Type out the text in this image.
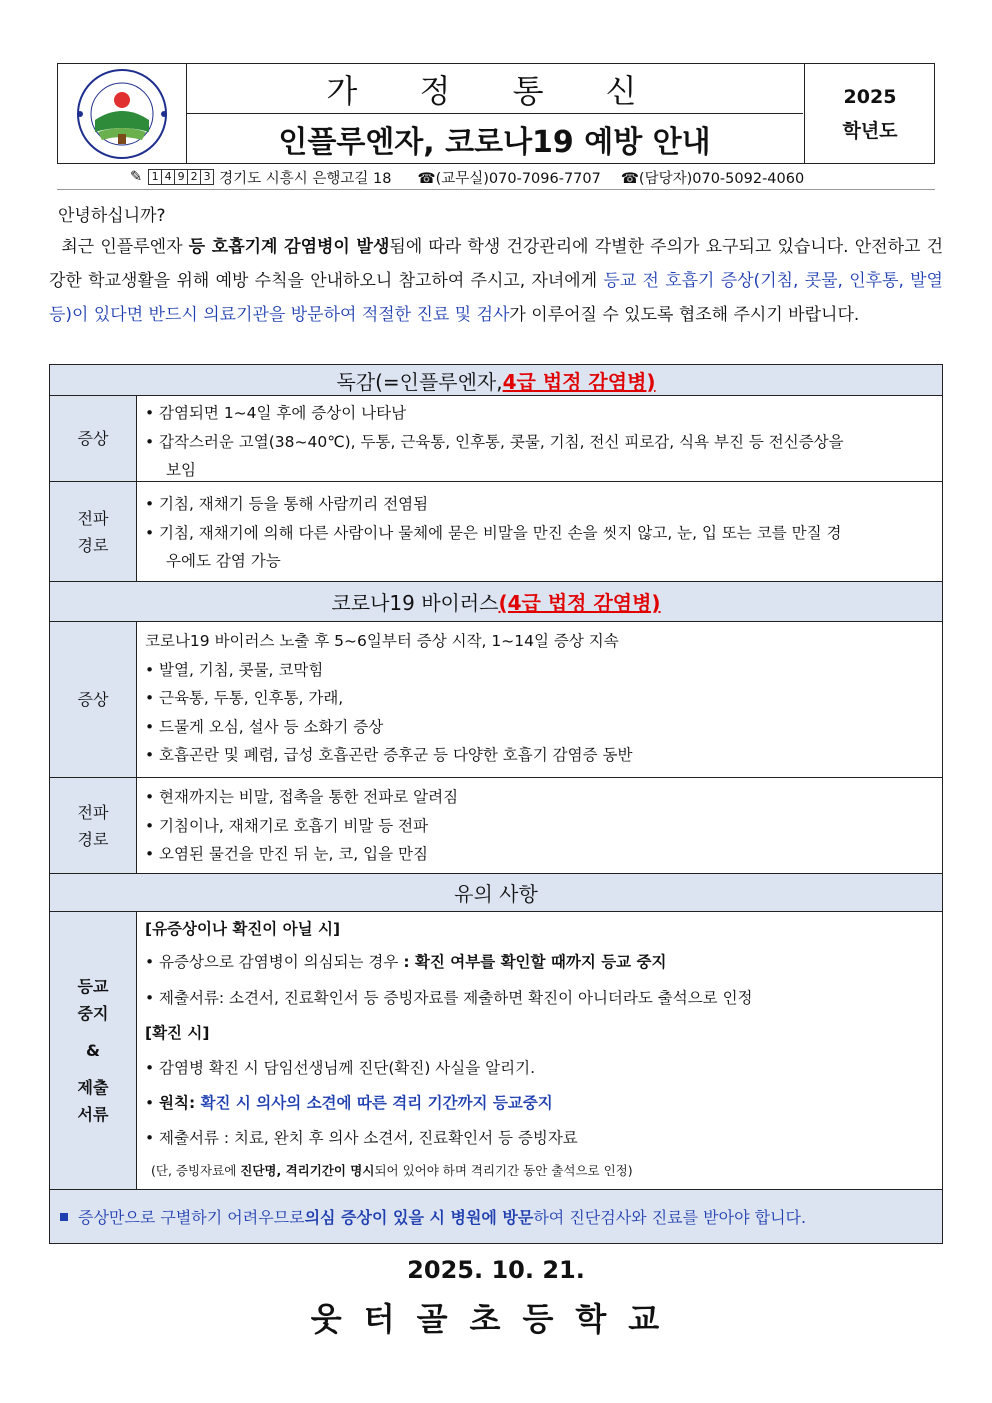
가 정 통 신
인플루엔자, 코로나19 예방 안내
2025
학년도
✎ 1 4 9 2 3 경기도 시흥시 은행고길 18 ☎(교무실)070-7096-7707 ☎(담당자)070-5092-4060
안녕하십니까?
최근 인플루엔자 등 호흡기계 감염병이 발생됨에 따라 학생 건강관리에 각별한 주의가 요구되고 있습니다. 안전하고 건강한 학교생활을 위해 예방 수칙을 안내하오니 참고하여 주시고, 자녀에게 등교 전 호흡기 증상(기침, 콧물, 인후통, 발열 등)이 있다면 반드시 의료기관을 방문하여 적절한 진료 및 검사가 이루어질 수 있도록 협조해 주시기 바랍니다.
독감(=인플루엔자, 4급 법정 감염병)
증상
• 감염되면 1~4일 후에 증상이 나타남
• 갑작스러운 고열(38~40℃), 두통, 근육통, 인후통, 콧물, 기침, 전신 피로감, 식욕 부진 등 전신증상을
보임
전파
경로
• 기침, 재채기 등을 통해 사람끼리 전염됨
• 기침, 재채기에 의해 다른 사람이나 물체에 묻은 비말을 만진 손을 씻지 않고, 눈, 입 또는 코를 만질 경
우에도 감염 가능
코로나19 바이러스 (4급 법정 감염병)
증상
코로나19 바이러스 노출 후 5~6일부터 증상 시작, 1~14일 증상 지속
• 발열, 기침, 콧물, 코막힘
• 근육통, 두통, 인후통, 가래,
• 드물게 오심, 설사 등 소화기 증상
• 호흡곤란 및 폐렴, 급성 호흡곤란 증후군 등 다양한 호흡기 감염증 동반
전파
경로
• 현재까지는 비말, 접촉을 통한 전파로 알려짐
• 기침이나, 재채기로 호흡기 비말 등 전파
• 오염된 물건을 만진 뒤 눈, 코, 입을 만짐
유의 사항
등교
중지

&

제출
서류
[유증상이나 확진이 아닐 시]
• 유증상으로 감염병이 의심되는 경우 : 확진 여부를 확인할 때까지 등교 중지
• 제출서류: 소견서, 진료확인서 등 증빙자료를 제출하면 확진이 아니더라도 출석으로 인정
[확진 시]
• 감염병 확진 시 담임선생님께 진단(확진) 사실을 알리기.
• 원칙: 확진 시 의사의 소견에 따른 격리 기간까지 등교중지
• 제출서류 : 치료, 완치 후 의사 소견서, 진료확인서 등 증빙자료
(단, 증빙자료에 진단명, 격리기간이 명시되어 있어야 하며 격리기간 동안 출석으로 인정)
증상만으로 구별하기 어려우므로 의심 증상이 있을 시 병원에 방문 하여 진단검사와 진료를 받아야 합니다.
2025. 10. 21.
웃터골초등학교
